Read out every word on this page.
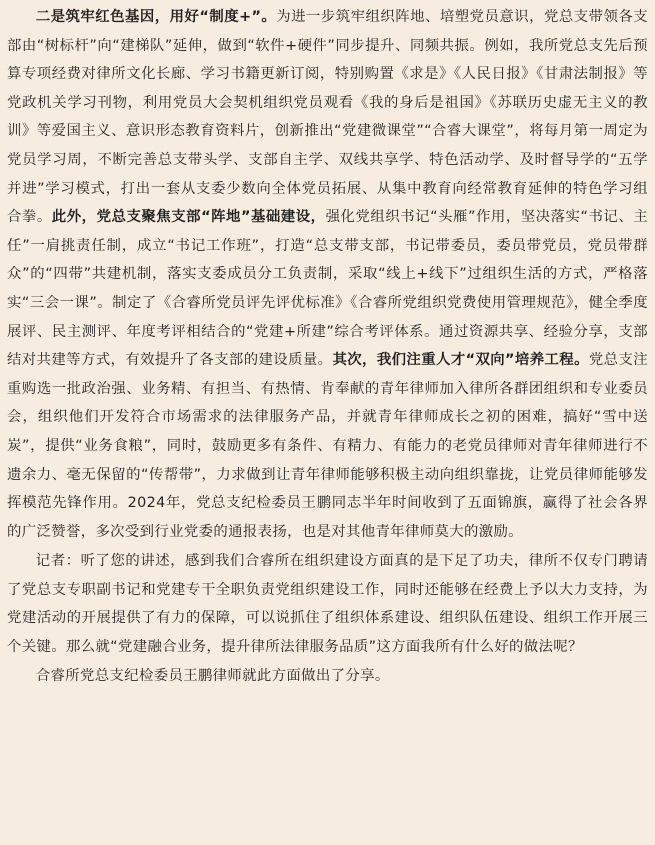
二是筑牢红色基因，用好“制度+”。为进一步筑牢组织阵地、培塑党员意识，党总支带领各支部由“树标杆”向“建梯队”延伸，做到“软件+硬件”同步提升、同频共振。例如，我所党总支先后预算专项经费对律所文化长廊、学习书籍更新订阅，特别购置《求是》《人民日报》《甘肃法制报》等党政机关学习刊物，利用党员大会契机组织党员观看《我的身后是祖国》《苏联历史虚无主义的教训》等爱国主义、意识形态教育资料片，创新推出“党建微课堂”“合睿大课堂”，将每月第一周定为党员学习周，不断完善总支带头学、支部自主学、双线共享学、特色活动学、及时督导学的“五学并进”学习模式，打出一套从支委少数向全体党员拓展、从集中教育向经常教育延伸的特色学习组合拳。此外，党总支聚焦支部“阵地”基础建设，强化党组织书记“头雁”作用，坚决落实“书记、主任”一肩挑责任制，成立“书记工作班”，打造“总支带支部，书记带委员，委员带党员，党员带群众”的“四带”共建机制，落实支委成员分工负责制，采取“线上+线下”过组织生活的方式，严格落实“三会一课”。制定了《合睿所党员评先评优标准》《合睿所党组织党费使用管理规范》，健全季度展评、民主测评、年度考评相结合的“党建+所建”综合考评体系。通过资源共享、经验分享，支部结对共建等方式，有效提升了各支部的建设质量。其次，我们注重人才“双向”培养工程。党总支注重购选一批政治强、业务精、有担当、有热情、肯奉献的青年律师加入律所各群团组织和专业委员会，组织他们开发符合市场需求的法律服务产品，并就青年律师成长之初的困难，搞好“雪中送炭”，提供“业务食粮”，同时，鼓励更多有条件、有精力、有能力的老党员律师对青年律师进行不遗余力、毫无保留的“传帮带”，力求做到让青年律师能够积极主动向组织靠拢，让党员律师能够发挥模范先锋作用。2024年，党总支纪检委员王鹏同志半年时间收到了五面锦旗，赢得了社会各界的广泛赞誉，多次受到行业党委的通报表扬，也是对其他青年律师莫大的激励。

记者：听了您的讲述，感到我们合睿所在组织建设方面真的是下足了功夫，律所不仅专门聘请了党总支专职副书记和党建专干全职负责党组织建设工作，同时还能够在经费上予以大力支持，为党建活动的开展提供了有力的保障，可以说抓住了组织体系建设、组织队伍建设、组织工作开展三个关键。那么就“党建融合业务，提升律所法律服务品质”这方面我所有什么好的做法呢？

合睿所党总支纪检委员王鹏律师就此方面做出了分享。
